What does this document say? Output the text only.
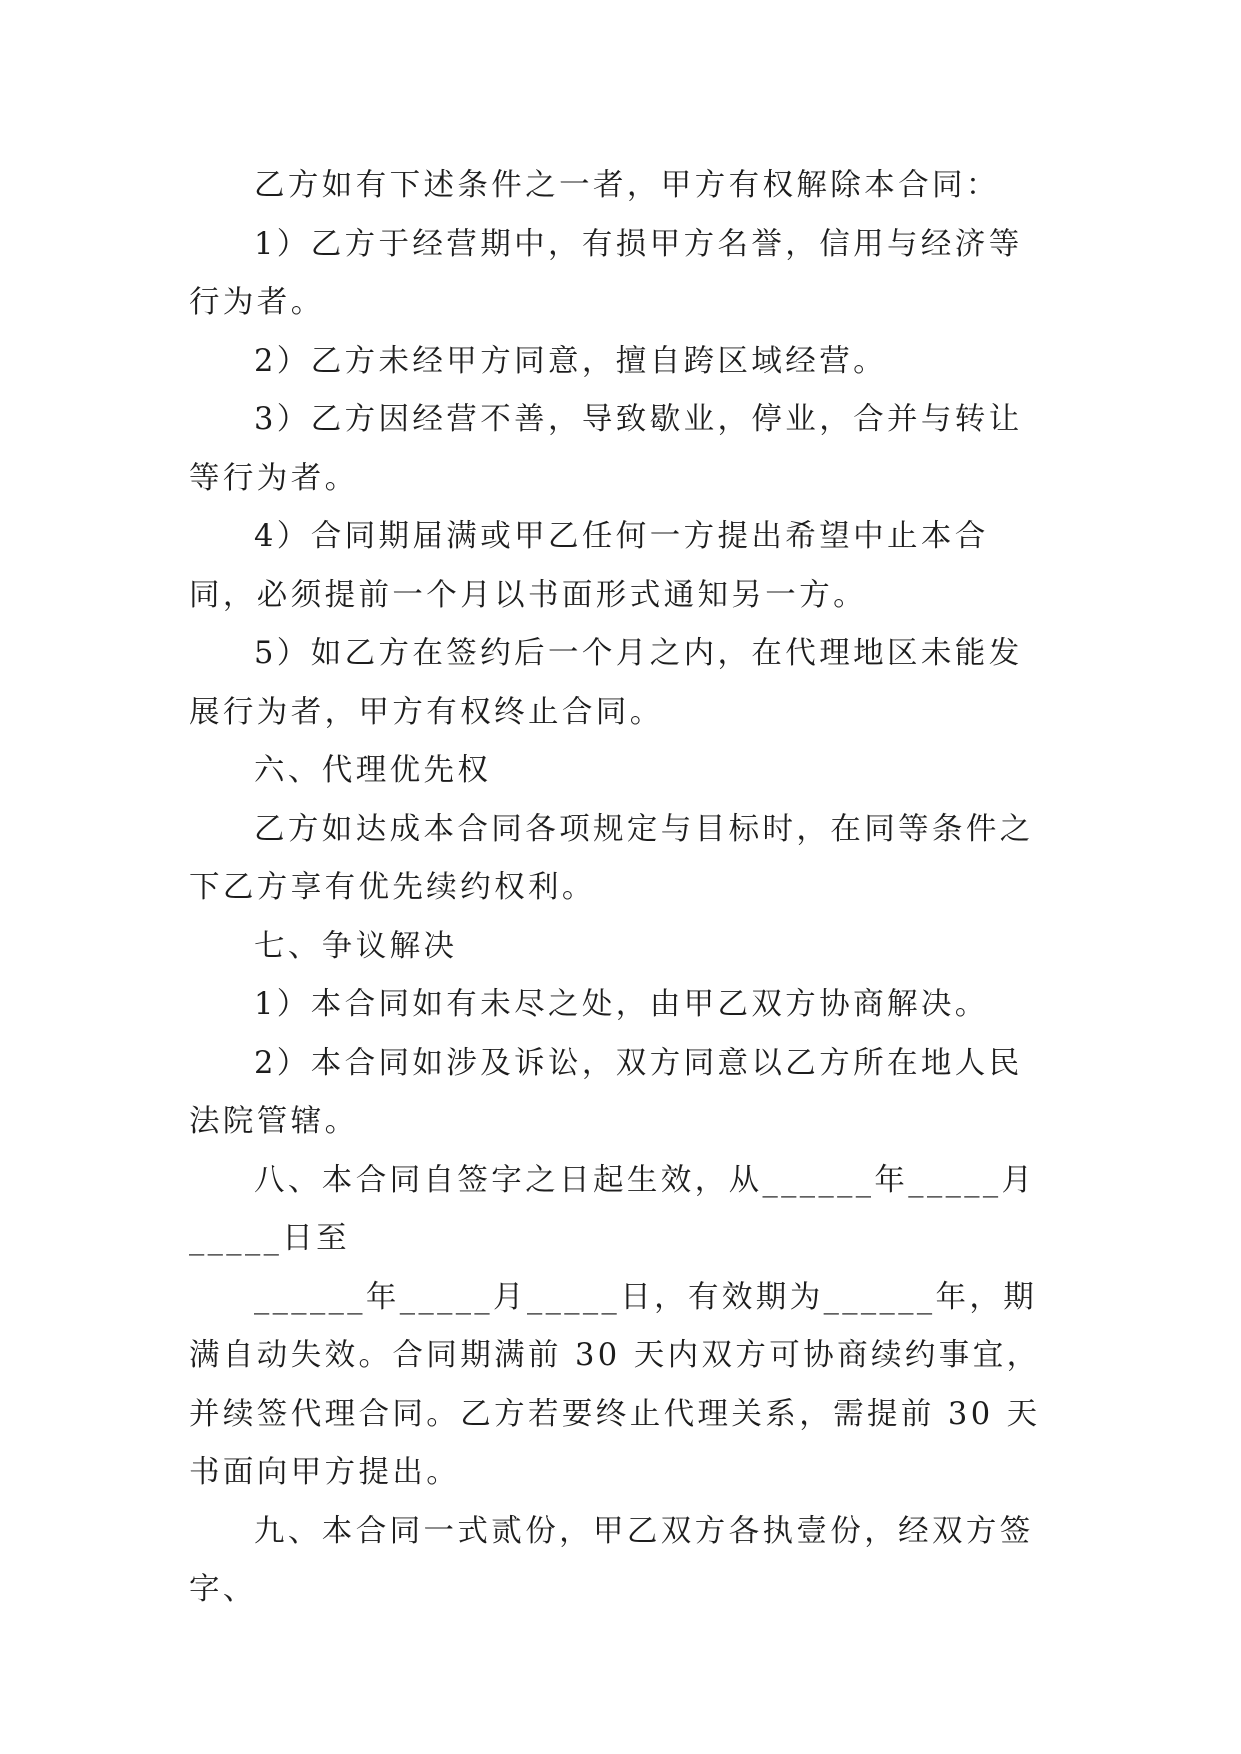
乙方如有下述条件之一者，甲方有权解除本合同：

1）乙方于经营期中，有损甲方名誉，信用与经济等行为者。

2）乙方未经甲方同意，擅自跨区域经营。

3）乙方因经营不善，导致歇业，停业，合并与转让等行为者。

4）合同期届满或甲乙任何一方提出希望中止本合同，必须提前一个月以书面形式通知另一方。

5）如乙方在签约后一个月之内，在代理地区未能发展行为者，甲方有权终止合同。

六、代理优先权

乙方如达成本合同各项规定与目标时，在同等条件之下乙方享有优先续约权利。

七、争议解决

1）本合同如有未尽之处，由甲乙双方协商解决。

2）本合同如涉及诉讼，双方同意以乙方所在地人民法院管辖。

八、本合同自签字之日起生效，从______年_____月_____日至

______年_____月_____日，有效期为______年，期满自动失效。合同期满前 30 天内双方可协商续约事宜，并续签代理合同。乙方若要终止代理关系，需提前 30 天书面向甲方提出。

九、本合同一式贰份，甲乙双方各执壹份，经双方签字、
